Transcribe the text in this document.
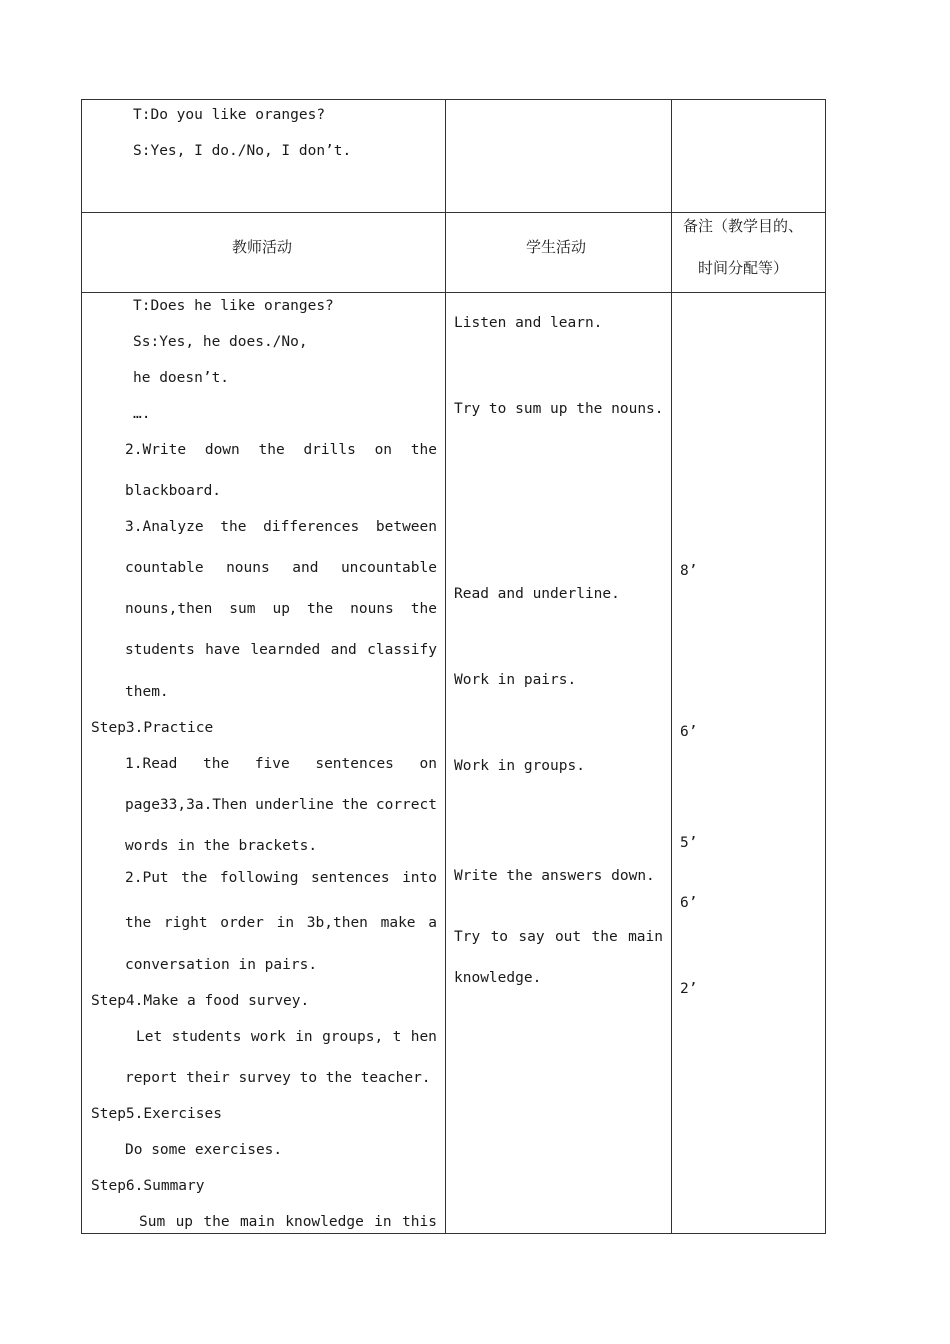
T:Do you like oranges?
S:Yes, I do./No, I don’t.
教师活动	学生活动
备注（教学目的、
时间分配等）
T:Does he like oranges?
Ss:Yes, he does./No,
he doesn’t.
….
2.Write down the drills on the
blackboard.
3.Analyze the differences between
countable nouns and uncountable
nouns,then sum up the nouns the
students have learnded and classify
them.
Step3.Practice
1.Read the five sentences on
page33,3a.Then underline the correct
words in the brackets.
2.Put the following sentences into
the right order in 3b,then make a
conversation in pairs.
Step4.Make a food survey.
Let students work in groups, t hen
report their survey to the teacher.
Step5.Exercises
Do some exercises.
Step6.Summary
Sum up the main knowledge in this
Listen and learn.
Try to sum up the nouns.
Read and underline.
Work in pairs.
Work in groups.
Write the answers down.
Try to say out the main
knowledge.
8’
6’
5’
6’
2’
